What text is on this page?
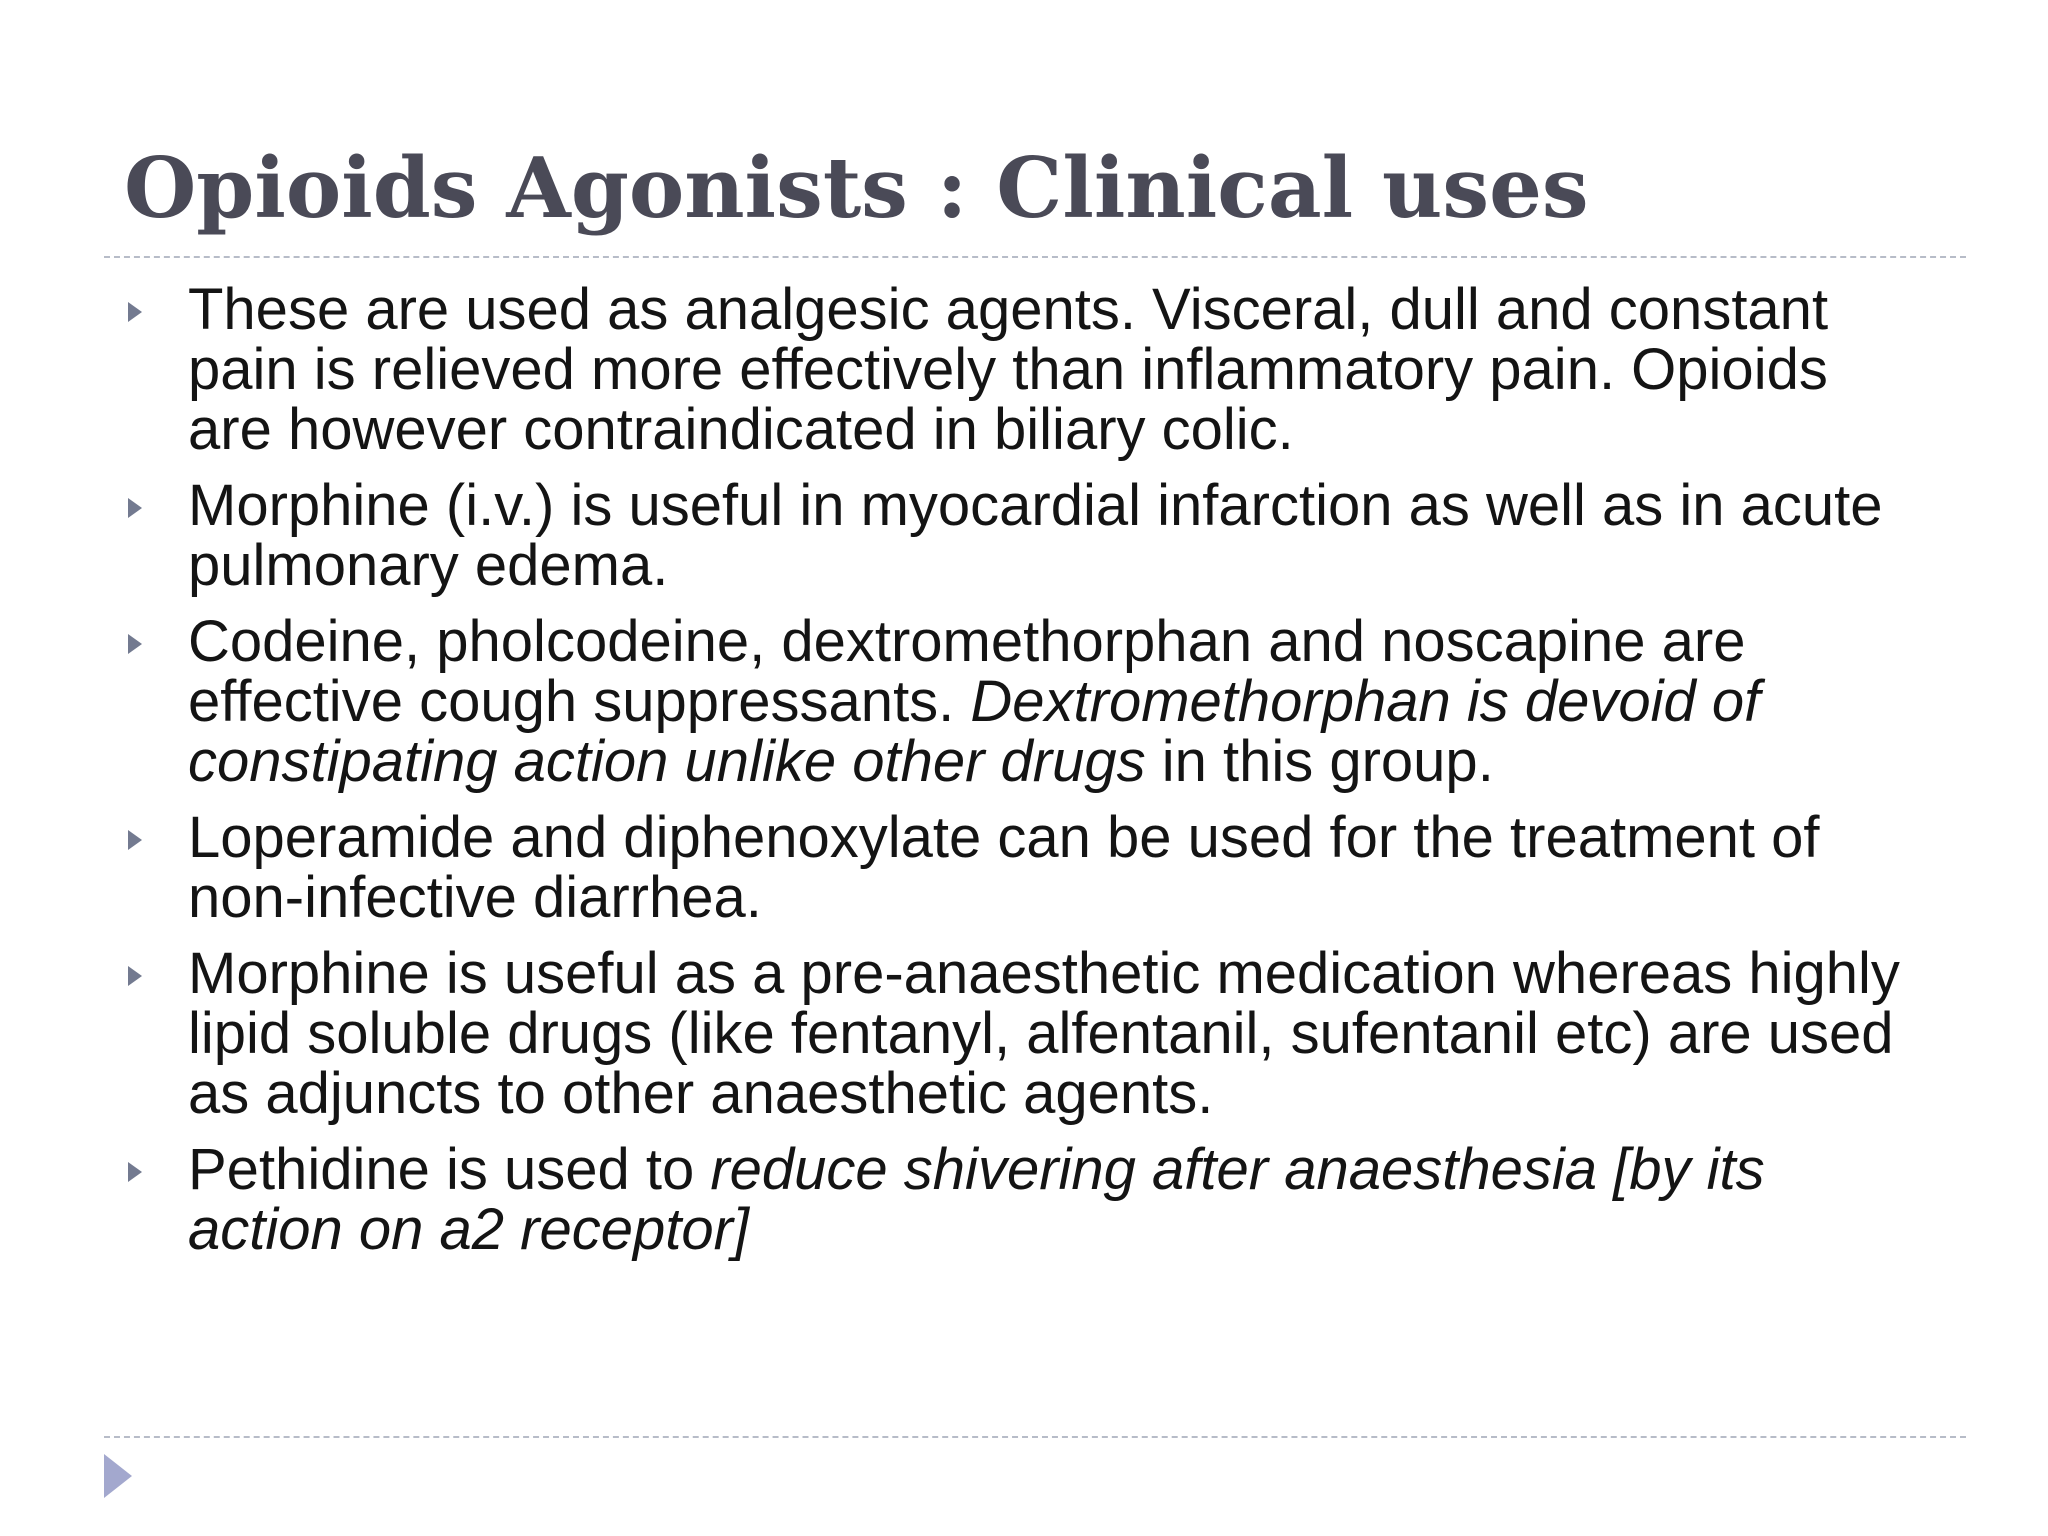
Opioids Agonists : Clinical uses
These are used as analgesic agents. Visceral, dull and constant pain is relieved more effectively than inflammatory pain. Opioids are however contraindicated in biliary colic.
Morphine (i.v.) is useful in myocardial infarction as well as in acute pulmonary edema.
Codeine, pholcodeine, dextromethorphan and noscapine are effective cough suppressants. Dextromethorphan is devoid of constipating action unlike other drugs in this group.
Loperamide and diphenoxylate can be used for the treatment of non-infective diarrhea.
Morphine is useful as a pre-anaesthetic medication whereas highly lipid soluble drugs (like fentanyl, alfentanil, sufentanil etc) are used as adjuncts to other anaesthetic agents.
Pethidine is used to reduce shivering after anaesthesia [by its action on a2 receptor]
